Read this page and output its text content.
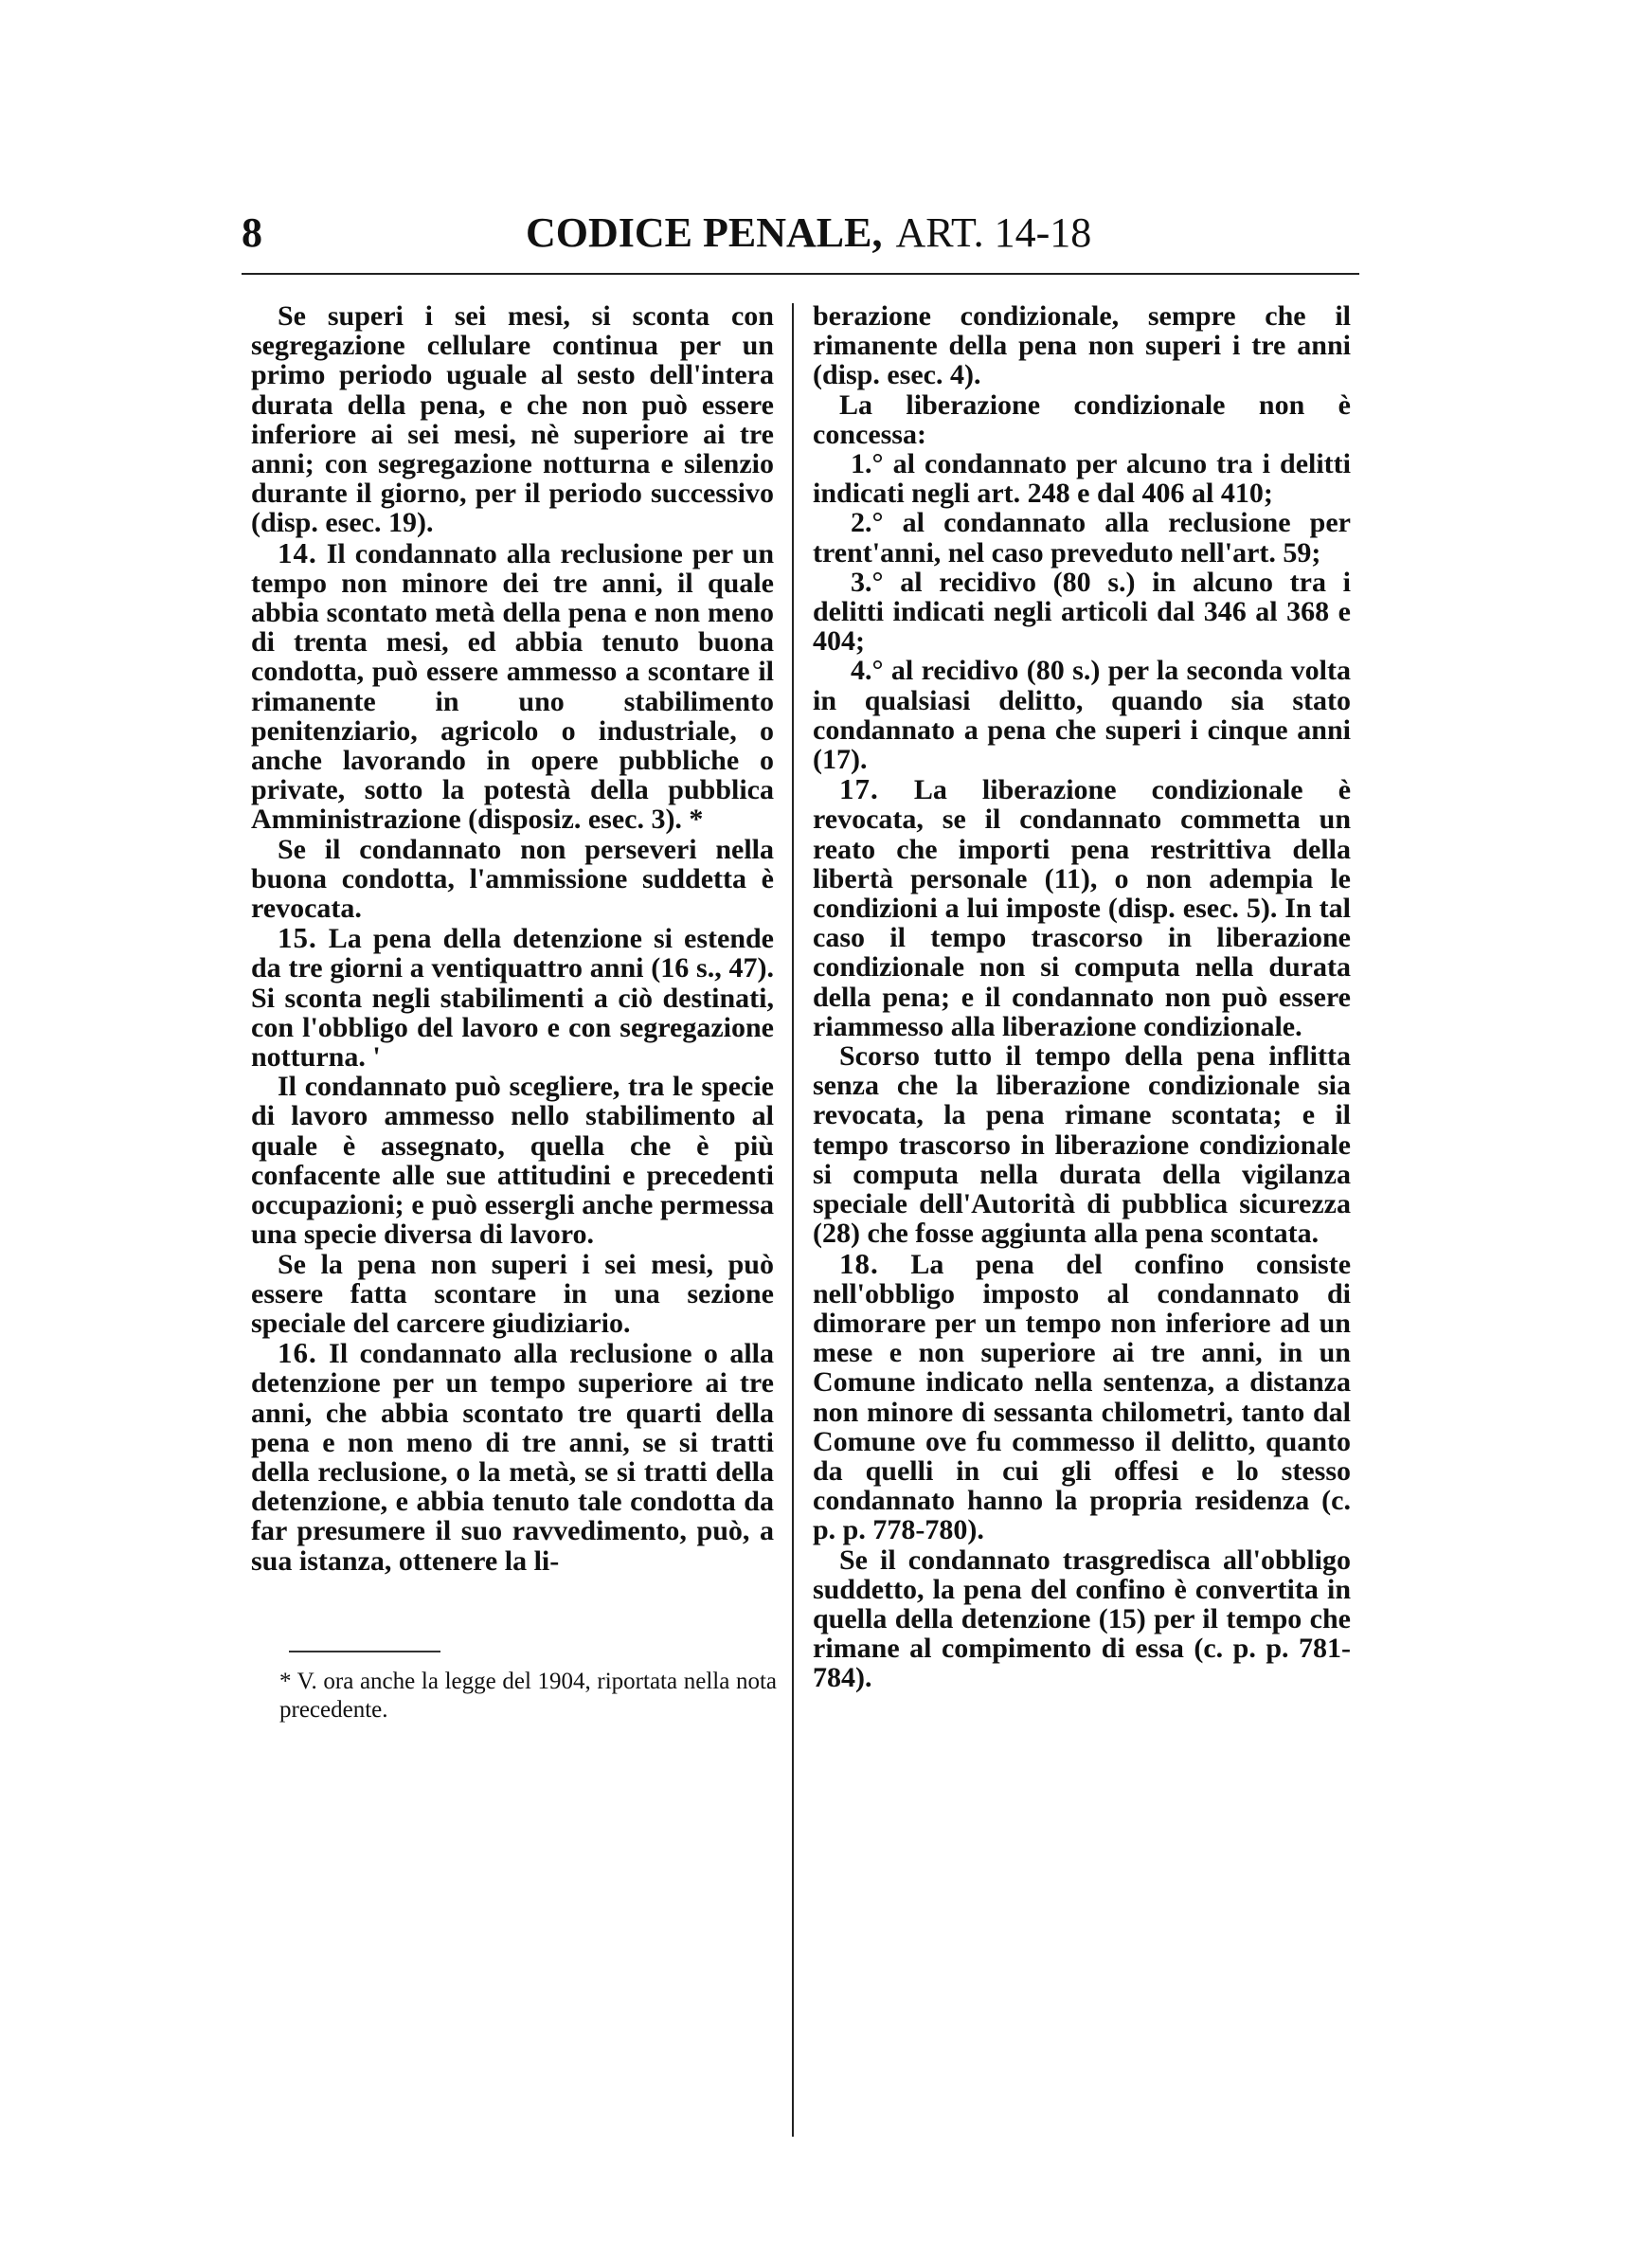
8	CODICE PENALE, ART. 14-18

Se superi i sei mesi, si sconta con segregazione cellulare continua per un primo periodo uguale al sesto dell'intera durata della pena, e che non può essere inferiore ai sei mesi, nè superiore ai tre anni; con segregazione notturna e silenzio durante il giorno, per il periodo successivo (disp. esec. 19).

14. Il condannato alla reclusione per un tempo non minore dei tre anni, il quale abbia scontato metà della pena e non meno di trenta mesi, ed abbia tenuto buona condotta, può essere ammesso a scontare il rimanente in uno stabilimento penitenziario, agricolo o industriale, o anche lavorando in opere pubbliche o private, sotto la potestà della pubblica Amministrazione (disposiz. esec. 3). *

Se il condannato non perseveri nella buona condotta, l'ammissione suddetta è revocata.

15. La pena della detenzione si estende da tre giorni a ventiquattro anni (16 s., 47). Si sconta negli stabilimenti a ciò destinati, con l'obbligo del lavoro e con segregazione notturna. '

Il condannato può scegliere, tra le specie di lavoro ammesso nello stabilimento al quale è assegnato, quella che è più confacente alle sue attitudini e precedenti occupazioni; e può essergli anche permessa una specie diversa di lavoro.

Se la pena non superi i sei mesi, può essere fatta scontare in una sezione speciale del carcere giudiziario.

16. Il condannato alla reclusione o alla detenzione per un tempo superiore ai tre anni, che abbia scontato tre quarti della pena e non meno di tre anni, se si tratti della reclusione, o la metà, se si tratti della detenzione, e abbia tenuto tale condotta da far presumere il suo ravvedimento, può, a sua istanza, ottenere la li-

* V. ora anche la legge del 1904, riportata nella nota precedente.

berazione condizionale, sempre che il rimanente della pena non superi i tre anni (disp. esec. 4).

La liberazione condizionale non è concessa:

1.° al condannato per alcuno tra i delitti indicati negli art. 248 e dal 406 al 410;

2.° al condannato alla reclusione per trent'anni, nel caso preveduto nell'art. 59;

3.° al recidivo (80 s.) in alcuno tra i delitti indicati negli articoli dal 346 al 368 e 404;

4.° al recidivo (80 s.) per la seconda volta in qualsiasi delitto, quando sia stato condannato a pena che superi i cinque anni (17).

17. La liberazione condizionale è revocata, se il condannato commetta un reato che importi pena restrittiva della libertà personale (11), o non adempia le condizioni a lui imposte (disp. esec. 5). In tal caso il tempo trascorso in liberazione condizionale non si computa nella durata della pena; e il condannato non può essere riammesso alla liberazione condizionale.

Scorso tutto il tempo della pena inflitta senza che la liberazione condizionale sia revocata, la pena rimane scontata; e il tempo trascorso in liberazione condizionale si computa nella durata della vigilanza speciale dell'Autorità di pubblica sicurezza (28) che fosse aggiunta alla pena scontata.

18. La pena del confino consiste nell'obbligo imposto al condannato di dimorare per un tempo non inferiore ad un mese e non superiore ai tre anni, in un Comune indicato nella sentenza, a distanza non minore di sessanta chilometri, tanto dal Comune ove fu commesso il delitto, quanto da quelli in cui gli offesi e lo stesso condannato hanno la propria residenza (c. p. p. 778-780).

Se il condannato trasgredisca all'obbligo suddetto, la pena del confino è convertita in quella della detenzione (15) per il tempo che rimane al compimento di essa (c. p. p. 781-784).
